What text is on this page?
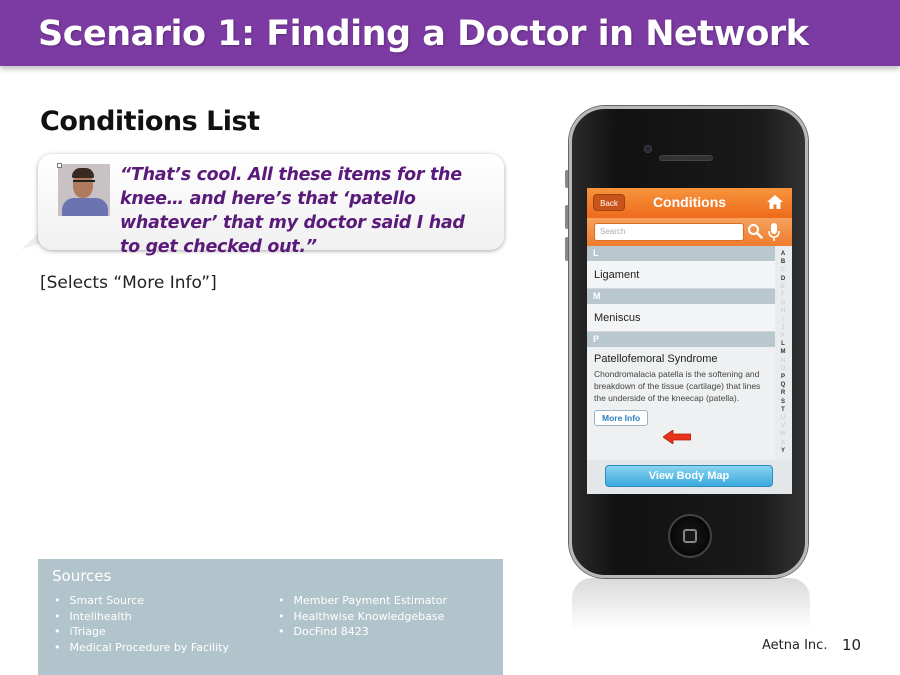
Scenario 1: Finding a Doctor in Network
Conditions List
“That’s cool. All these items for the knee… and here’s that ‘patello whatever’ that my doctor said I had to get checked out.”
[Selects “More Info”]
Sources
• Smart Source
• Intelihealth
• iTriage
• Medical Procedure by Facility
• Member Payment Estimator
• Healthwise Knowledgebase
• DocFind 8423
Aetna Inc. 10
Back	Conditions
Search
L
Ligament
M
Meniscus
P
Patellofemoral Syndrome
Chondromalacia patella is the softening and breakdown of the tissue (cartilage) that lines the underside of the kneecap (patella).
More Info
A
B
C
D
E
F
G
H
I
J
K
L
M
N
O
P
Q
R
S
T
U
V
W
X
Y
View Body Map
